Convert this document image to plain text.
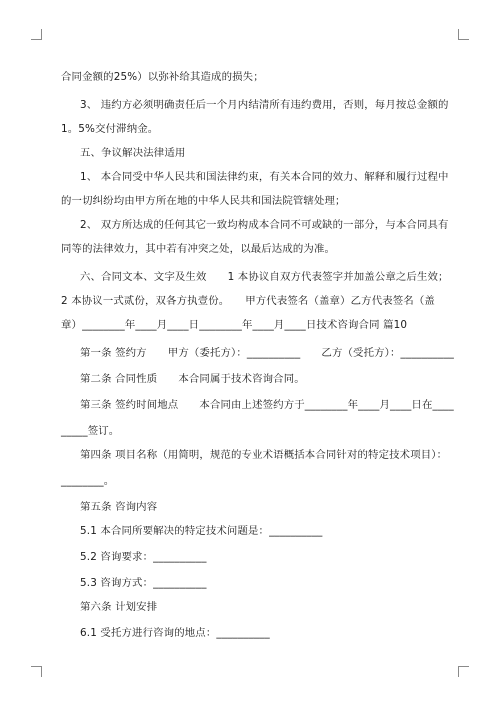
合同金额的25%）以弥补给其造成的损失；
3、 违约方必须明确责任后一个月内结清所有违约费用，否则，每月按总金额的
1。5%交付滞纳金。
五、争议解决法律适用
1、 本合同受中华人民共和国法律约束，有关本合同的效力、解释和履行过程中
的一切纠纷均由甲方所在地的中华人民共和国法院管辖处理；
2、 双方所达成的任何其它一致均构成本合同不可或缺的一部分，与本合同具有
同等的法律效力，其中若有冲突之处，以最后达成的为准。
六、合同文本、文字及生效　　1 本协议自双方代表签字并加盖公章之后生效；
2 本协议一式贰份，双各方执壹份。　　甲方代表签名（盖章）乙方代表签名（盖
章）________年____月____日________年____月____日技术咨询合同 篇10
第一条 签约方　　甲方（委托方）：__________　　乙方（受托方）：__________
第二条 合同性质　　本合同属于技术咨询合同。
第三条 签约时间地点　　本合同由上述签约方于________年____月____日在____
_____签订。
第四条 项目名称（用简明，规范的专业术语概括本合同针对的特定技术项目）：
________。
第五条 咨询内容
5.1 本合同所要解决的特定技术问题是：__________
5.2 咨询要求：__________
5.3 咨询方式：__________
第六条 计划安排
6.1 受托方进行咨询的地点：__________
